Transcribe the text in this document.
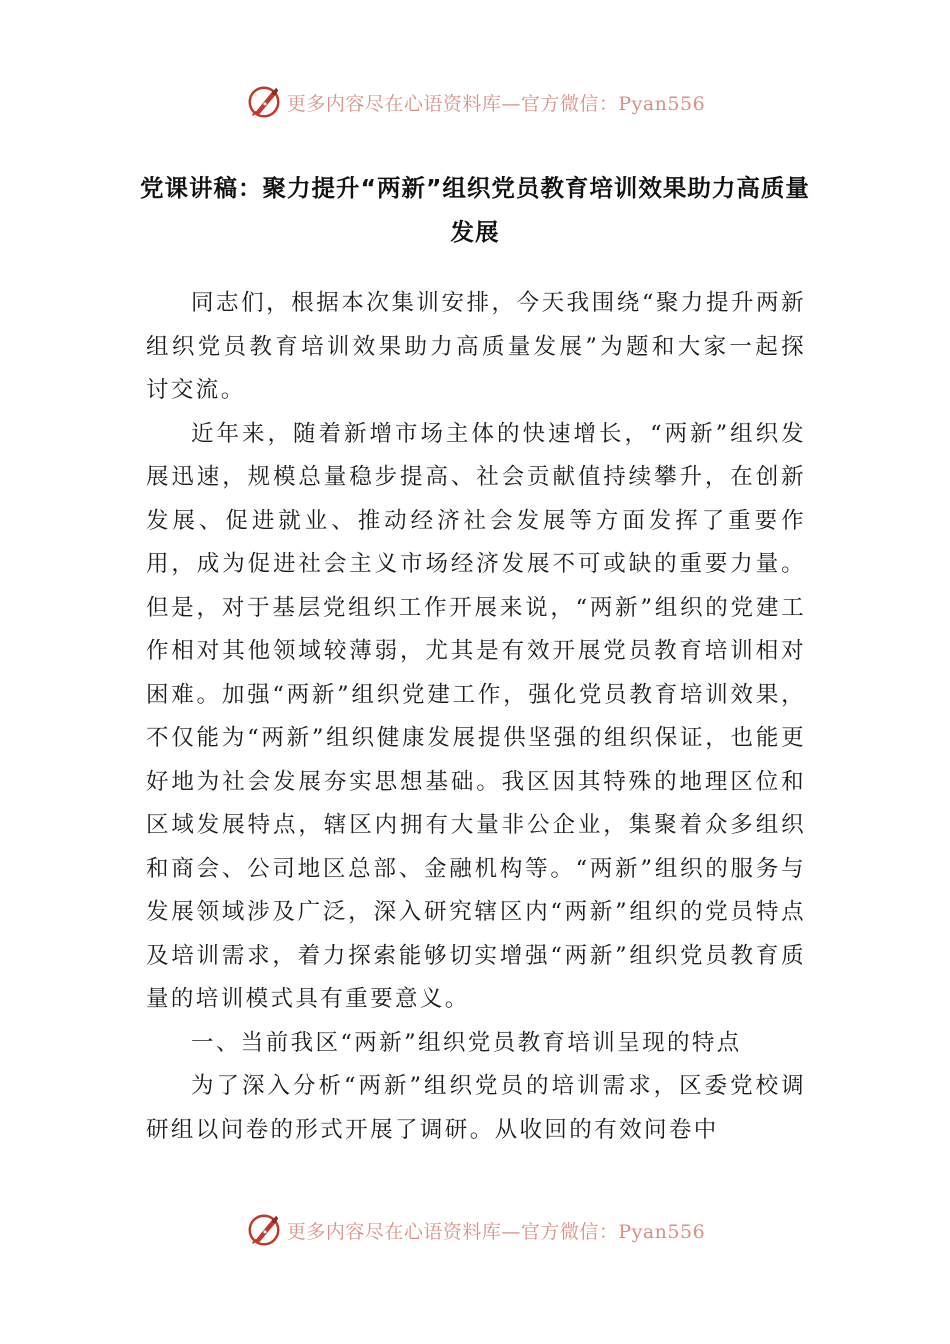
更多内容尽在心语资料库—官方微信：Pyan556
党课讲稿：聚力提升“两新”组织党员教育培训效果助力高质量发展

同志们，根据本次集训安排，今天我围绕“聚力提升两新组织党员教育培训效果助力高质量发展”为题和大家一起探讨交流。

近年来，随着新增市场主体的快速增长，“两新”组织发展迅速，规模总量稳步提高、社会贡献值持续攀升，在创新发展、促进就业、推动经济社会发展等方面发挥了重要作用，成为促进社会主义市场经济发展不可或缺的重要力量。但是，对于基层党组织工作开展来说，“两新”组织的党建工作相对其他领域较薄弱，尤其是有效开展党员教育培训相对困难。加强“两新”组织党建工作，强化党员教育培训效果，不仅能为“两新”组织健康发展提供坚强的组织保证，也能更好地为社会发展夯实思想基础。我区因其特殊的地理区位和区域发展特点，辖区内拥有大量非公企业，集聚着众多组织和商会、公司地区总部、金融机构等。“两新”组织的服务与发展领域涉及广泛，深入研究辖区内“两新”组织的党员特点及培训需求，着力探索能够切实增强“两新”组织党员教育质量的培训模式具有重要意义。

一、当前我区“两新”组织党员教育培训呈现的特点

为了深入分析“两新”组织党员的培训需求，区委党校调研组以问卷的形式开展了调研。从收回的有效问卷中

更多内容尽在心语资料库—官方微信：Pyan556
